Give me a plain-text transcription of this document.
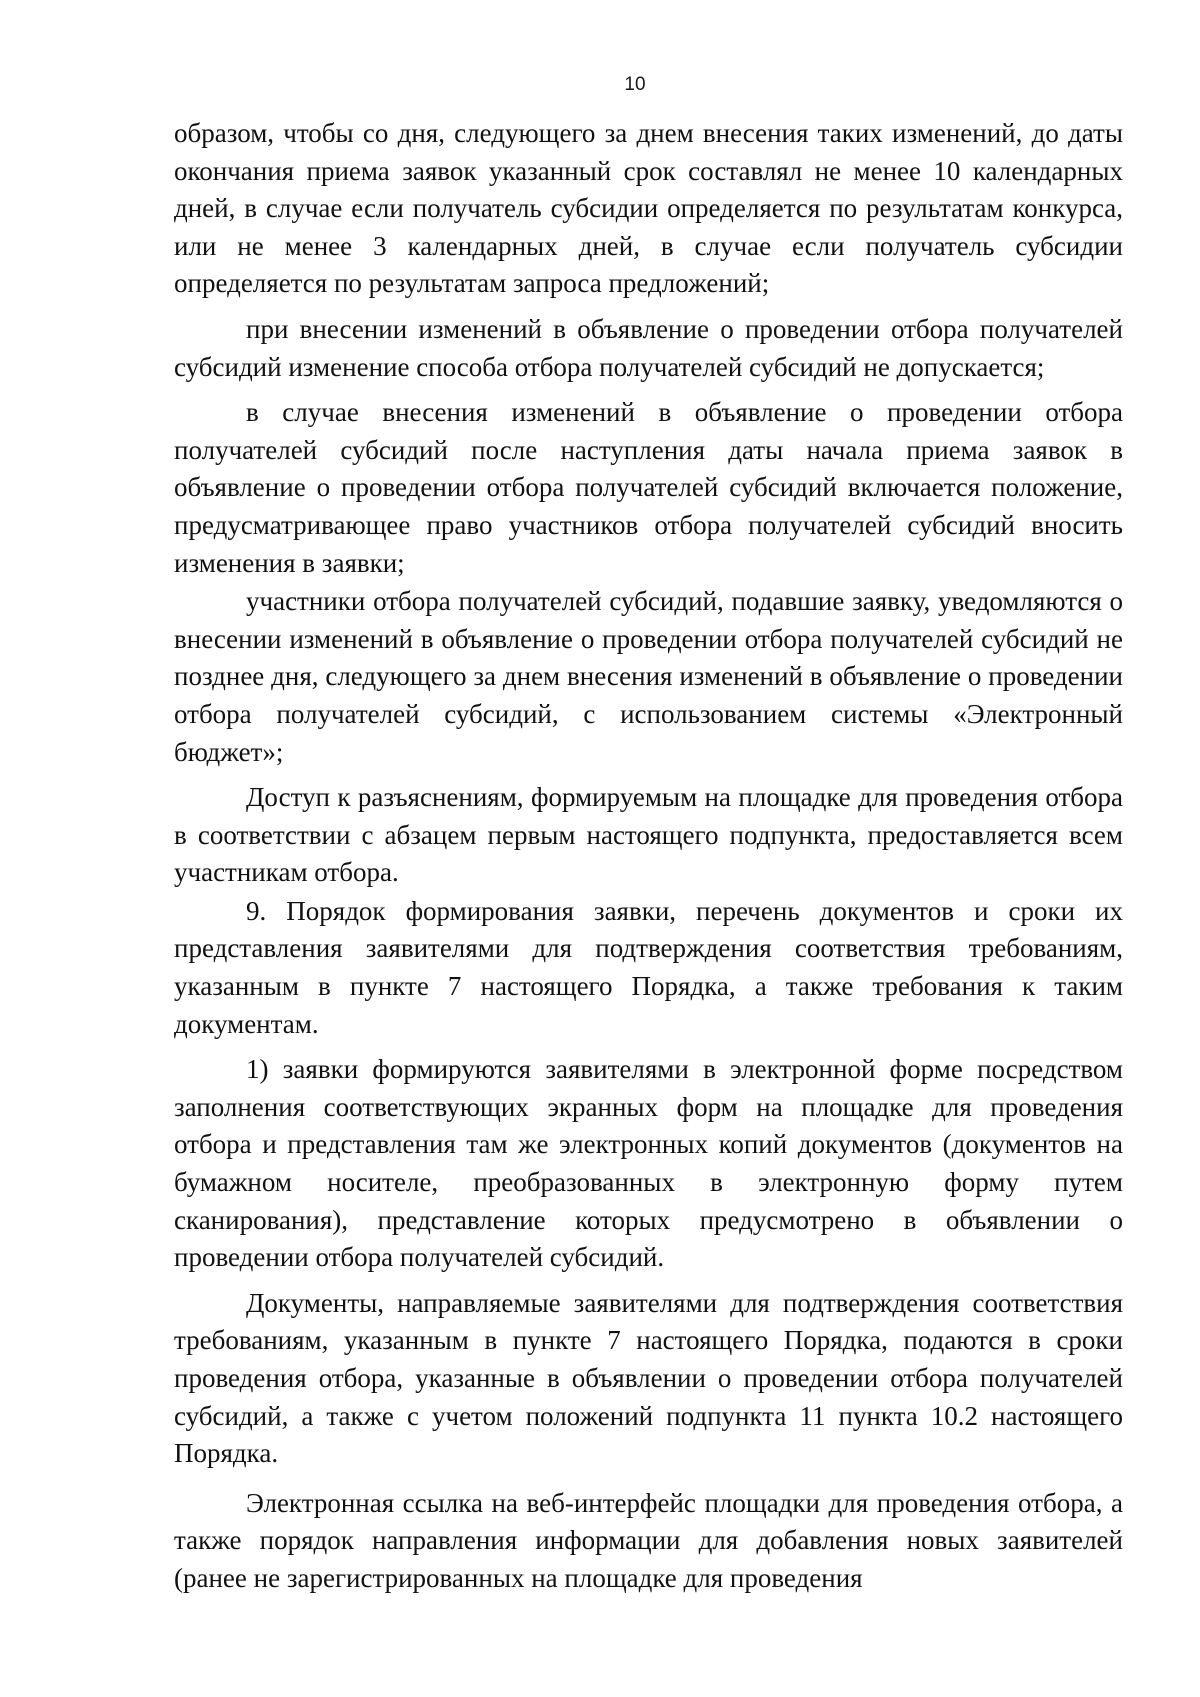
10

образом, чтобы со дня, следующего за днем внесения таких изменений, до даты окончания приема заявок указанный срок составлял не менее 10 календарных дней, в случае если получатель субсидии определяется по результатам конкурса, или не менее 3 календарных дней, в случае если получатель субсидии определяется по результатам запроса предложений;

при внесении изменений в объявление о проведении отбора получателей субсидий изменение способа отбора получателей субсидий не допускается;

в случае внесения изменений в объявление о проведении отбора получателей субсидий после наступления даты начала приема заявок в объявление о проведении отбора получателей субсидий включается положение, предусматривающее право участников отбора получателей субсидий вносить изменения в заявки;

участники отбора получателей субсидий, подавшие заявку, уведомляются о внесении изменений в объявление о проведении отбора получателей субсидий не позднее дня, следующего за днем внесения изменений в объявление о проведении отбора получателей субсидий, с использованием системы «Электронный бюджет»;

Доступ к разъяснениям, формируемым на площадке для проведения отбора в соответствии с абзацем первым настоящего подпункта, предоставляется всем участникам отбора.

9. Порядок формирования заявки, перечень документов и сроки их представления заявителями для подтверждения соответствия требованиям, указанным в пункте 7 настоящего Порядка, а также требования к таким документам.

1) заявки формируются заявителями в электронной форме посредством заполнения соответствующих экранных форм на площадке для проведения отбора и представления там же электронных копий документов (документов на бумажном носителе, преобразованных в электронную форму путем сканирования), представление которых предусмотрено в объявлении о проведении отбора получателей субсидий.

Документы, направляемые заявителями для подтверждения соответствия требованиям, указанным в пункте 7 настоящего Порядка, подаются в сроки проведения отбора, указанные в объявлении о проведении отбора получателей субсидий, а также с учетом положений подпункта 11 пункта 10.2 настоящего Порядка.

Электронная ссылка на веб-интерфейс площадки для проведения отбора, а также порядок направления информации для добавления новых заявителей (ранее не зарегистрированных на площадке для проведения
